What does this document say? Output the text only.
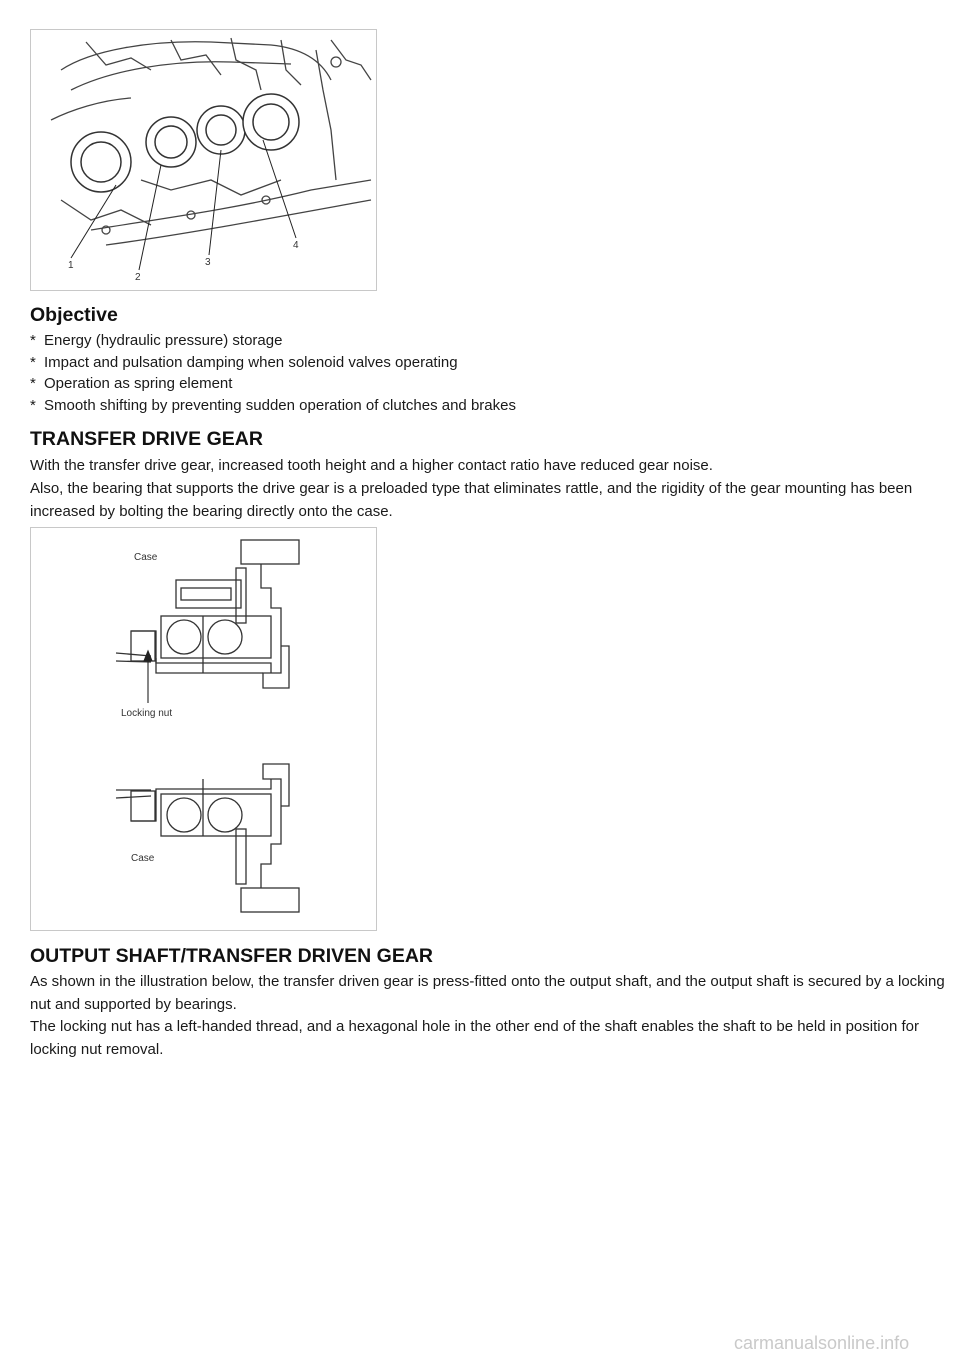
1
2
3
4
Objective
* Energy (hydraulic pressure) storage
* Impact and pulsation damping when solenoid valves operating
* Operation as spring element
* Smooth shifting by preventing sudden operation of clutches and brakes
TRANSFER DRIVE GEAR

With the transfer drive gear, increased tooth height and a higher contact ratio have reduced gear noise.

Also, the bearing that supports the drive gear is a preloaded type that eliminates rattle, and the rigidity of the gear mounting has been increased by bolting the bearing directly onto the case.

Case
Locking nut
Case
OUTPUT SHAFT/TRANSFER DRIVEN GEAR

As shown in the illustration below, the transfer driven gear is press-fitted onto the output shaft, and the output shaft is secured by a locking nut and supported by bearings.

The locking nut has a left-handed thread, and a hexagonal hole in the other end of the shaft enables the shaft to be held in position for locking nut removal.

carmanualsonline.info
